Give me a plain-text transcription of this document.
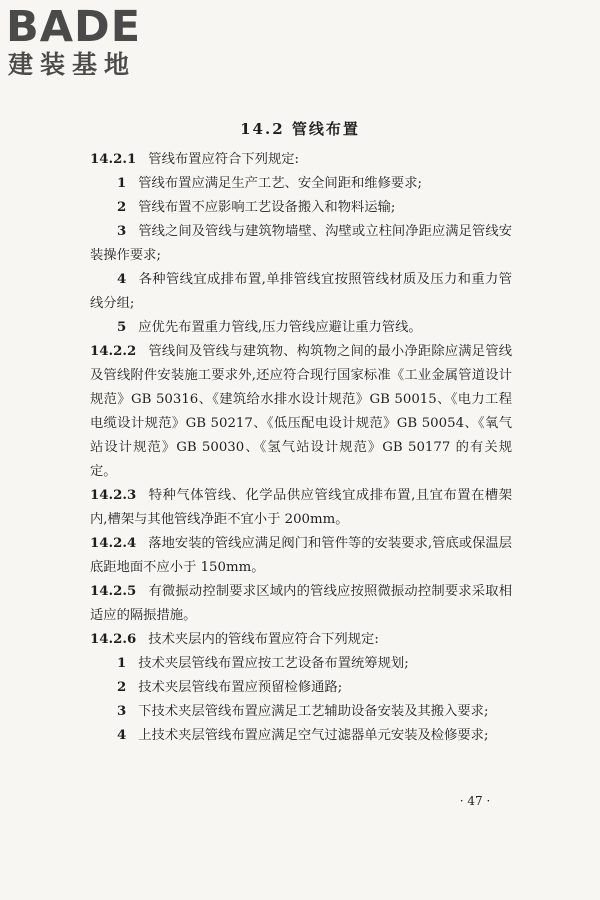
BADE
建装基地
14.2 管线布置

14.2.1 管线布置应符合下列规定:

1 管线布置应满足生产工艺、安全间距和维修要求;

2 管线布置不应影响工艺设备搬入和物料运输;

3 管线之间及管线与建筑物墙壁、沟壁或立柱间净距应满足管线安装操作要求;

4 各种管线宜成排布置,单排管线宜按照管线材质及压力和重力管线分组;

5 应优先布置重力管线,压力管线应避让重力管线。

14.2.2 管线间及管线与建筑物、构筑物之间的最小净距除应满足管线及管线附件安装施工要求外,还应符合现行国家标准《工业金属管道设计规范》GB 50316、《建筑给水排水设计规范》GB 50015、《电力工程电缆设计规范》GB 50217、《低压配电设计规范》GB 50054、《氧气站设计规范》GB 50030、《氢气站设计规范》GB 50177 的有关规定。

14.2.3 特种气体管线、化学品供应管线宜成排布置,且宜布置在槽架内,槽架与其他管线净距不宜小于 200mm。

14.2.4 落地安装的管线应满足阀门和管件等的安装要求,管底或保温层底距地面不应小于 150mm。

14.2.5 有微振动控制要求区域内的管线应按照微振动控制要求采取相适应的隔振措施。

14.2.6 技术夹层内的管线布置应符合下列规定:

1 技术夹层管线布置应按工艺设备布置统筹规划;

2 技术夹层管线布置应预留检修通路;

3 下技术夹层管线布置应满足工艺辅助设备安装及其搬入要求;

4 上技术夹层管线布置应满足空气过滤器单元安装及检修要求;

· 47 ·
